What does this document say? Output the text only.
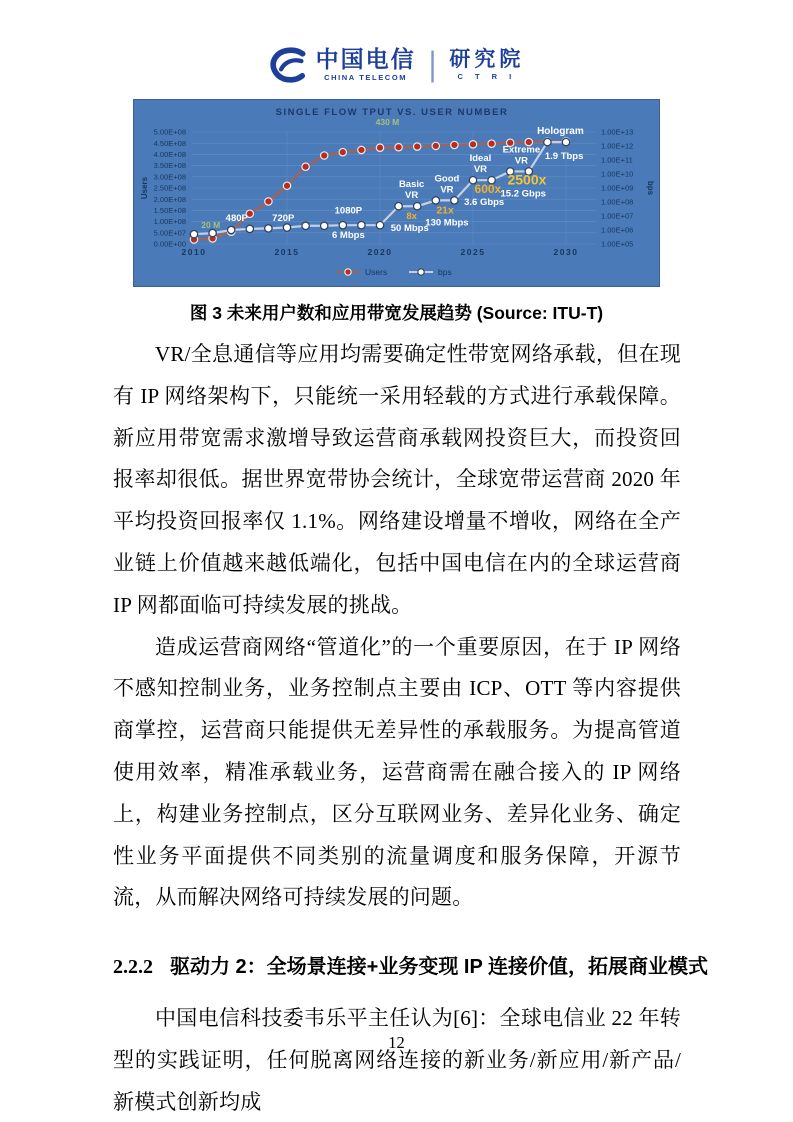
中国电信
CHINA TELECOM | 研究院
C T R I
5.00E+08
4.50E+08
4.00E+08
3.50E+08
3.00E+08
2.50E+08
2.00E+08
1.50E+08
1.00E+08
5.00E+07
0.00E+00
1.00E+13
1.00E+12
1.00E+11
1.00E+10
1.00E+09
1.00E+08
1.00E+07
1.00E+06
1.00E+05
2010	2015	2020	2025	2030
SINGLE FLOW TPUT VS. USER NUMBER
Users	bps
20 M
480P	720P
1080P
6 Mbps
430 M
Basic VR
8x
50 Mbps
Good VR
21x
130 Mbps
Ideal VR
600x
3.6 Gbps
Extreme VR
2500x
15.2 Gbps
Hologram
1.9 Tbps
Users	bps
图 3 未来用户数和应用带宽发展趋势 (Source: ITU-T)

VR/全息通信等应用均需要确定性带宽网络承载，但在现有 IP 网络架构下，只能统一采用轻载的方式进行承载保障。新应用带宽需求激增导致运营商承载网投资巨大，而投资回报率却很低。据世界宽带协会统计，全球宽带运营商 2020 年平均投资回报率仅 1.1%。网络建设增量不增收，网络在全产业链上价值越来越低端化，包括中国电信在内的全球运营商 IP 网都面临可持续发展的挑战。

造成运营商网络“管道化”的一个重要原因，在于 IP 网络不感知控制业务，业务控制点主要由 ICP、OTT 等内容提供商掌控，运营商只能提供无差异性的承载服务。为提高管道使用效率，精准承载业务，运营商需在融合接入的 IP 网络上，构建业务控制点，区分互联网业务、差异化业务、确定性业务平面提供不同类别的流量调度和服务保障，开源节流，从而解决网络可持续发展的问题。

2.2.2 驱动力 2：全场景连接+业务变现 IP 连接价值，拓展商业模式

中国电信科技委韦乐平主任认为[6]：全球电信业 22 年转型的实践证明，任何脱离网络连接的新业务/新应用/新产品/新模式创新均成

12
